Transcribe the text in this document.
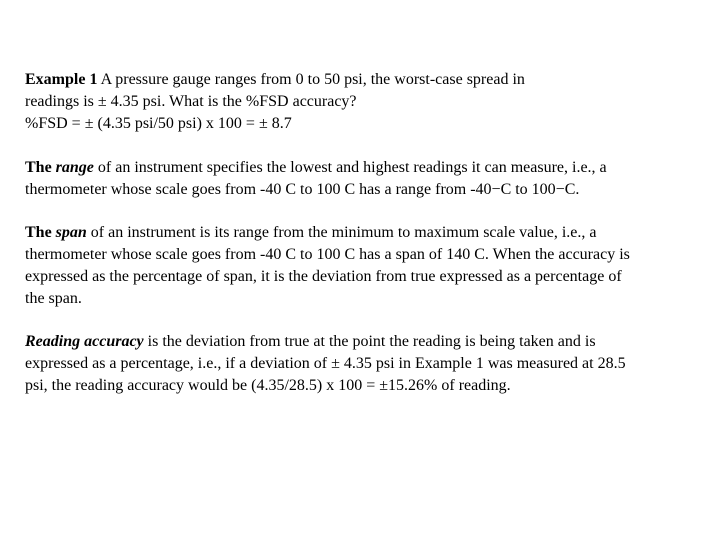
Example 1 A pressure gauge ranges from 0 to 50 psi, the worst-case spread in
readings is ± 4.35 psi. What is the %FSD accuracy?
%FSD = ± (4.35 psi/50 psi) x 100 = ± 8.7
The range of an instrument specifies the lowest and highest readings it can measure, i.e., a
thermometer whose scale goes from -40 C to 100 C has a range from -40−C to 100−C.
The span of an instrument is its range from the minimum to maximum scale value, i.e., a
thermometer whose scale goes from -40 C to 100 C has a span of 140 C. When the accuracy is
expressed as the percentage of span, it is the deviation from true expressed as a percentage of
the span.
Reading accuracy is the deviation from true at the point the reading is being taken and is
expressed as a percentage, i.e., if a deviation of ± 4.35 psi in Example 1 was measured at 28.5
psi, the reading accuracy would be (4.35/28.5) x 100 = ±15.26% of reading.
